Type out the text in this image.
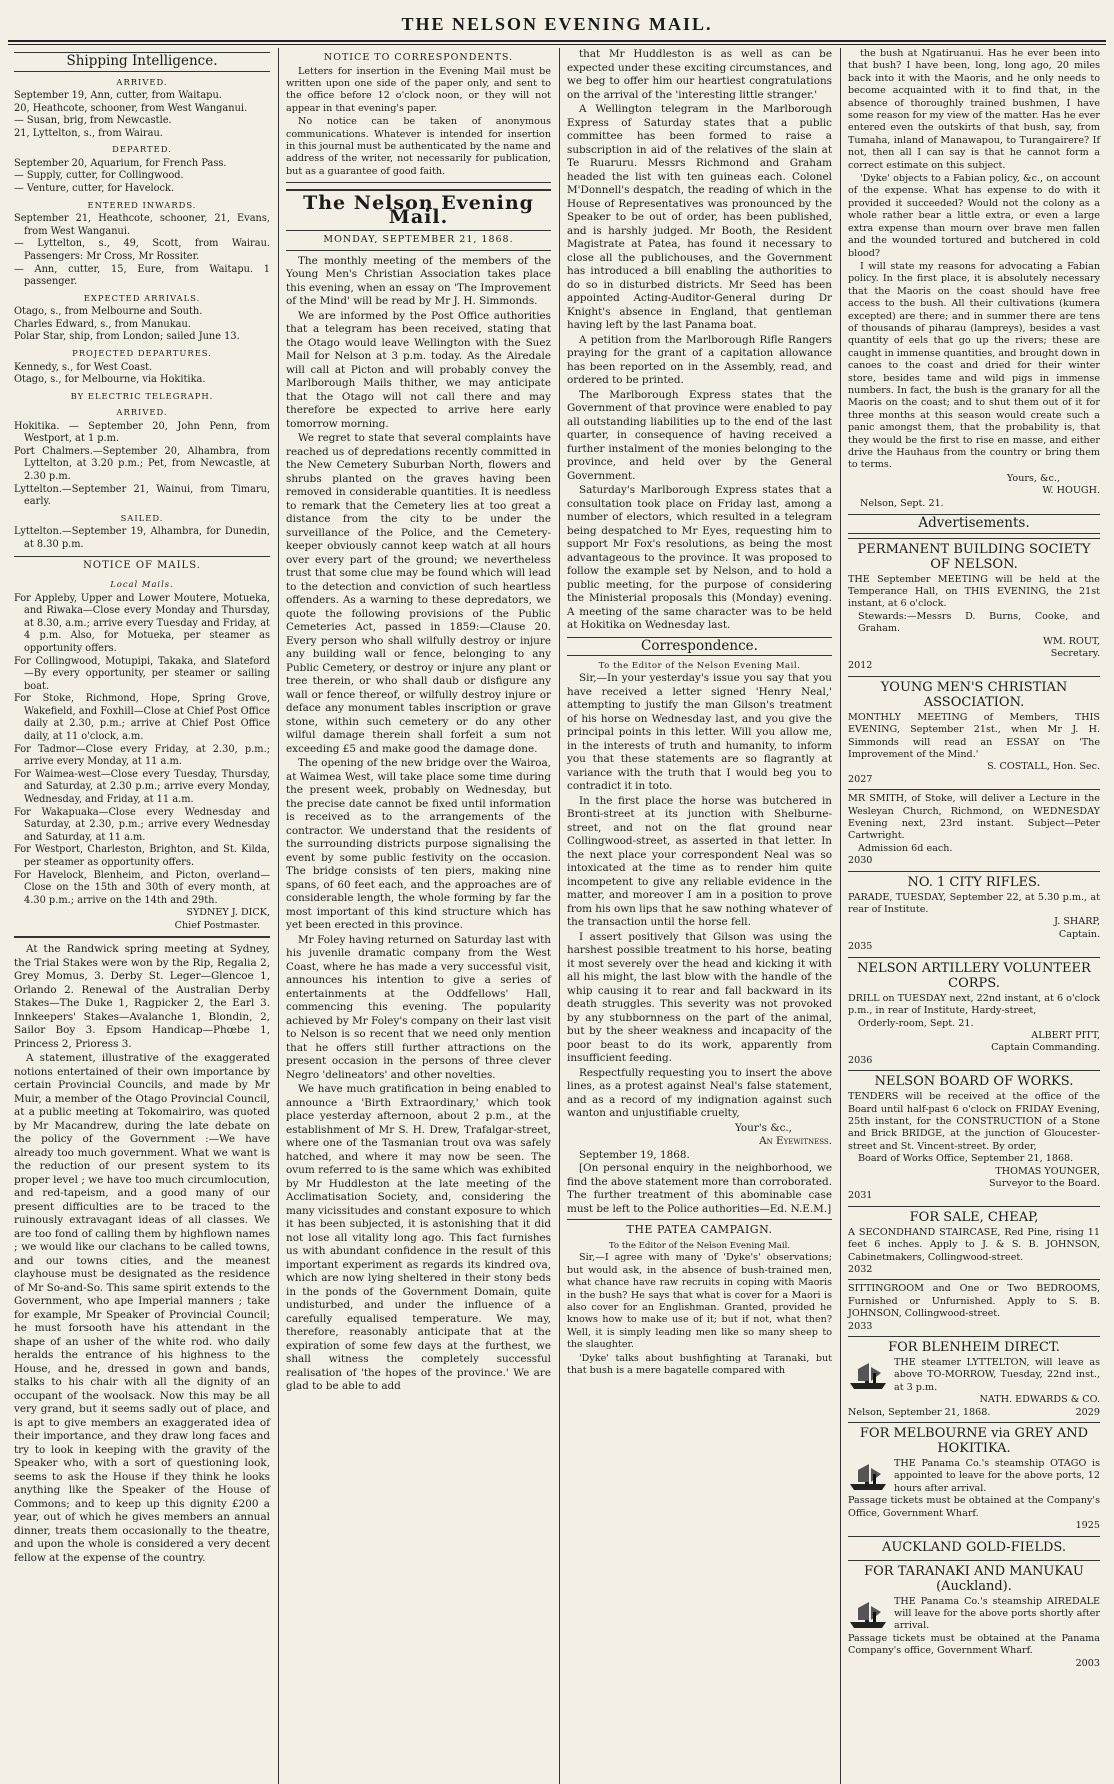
THE NELSON EVENING MAIL.
Shipping Intelligence.
ARRIVED.
September 19, Ann, cutter, from Waitapu.
20, Heathcote, schooner, from West Wanganui.
— Susan, brig, from Newcastle.
21, Lyttelton, s., from Wairau.
DEPARTED.
September 20, Aquarium, for French Pass.
— Supply, cutter, for Collingwood.
— Venture, cutter, for Havelock.
ENTERED INWARDS.
September 21, Heathcote, schooner, 21, Evans, from West Wanganui.
— Lyttelton, s., 49, Scott, from Wairau. Passengers: Mr Cross, Mr Rossiter.
— Ann, cutter, 15, Eure, from Waitapu. 1 passenger.
EXPECTED ARRIVALS.
Otago, s., from Melbourne and South.
Charles Edward, s., from Manukau.
Polar Star, ship, from London; sailed June 13.
PROJECTED DEPARTURES.
Kennedy, s., for West Coast.
Otago, s., for Melbourne, via Hokitika.
BY ELECTRIC TELEGRAPH.
ARRIVED.
Hokitika. — September 20, John Penn, from Westport, at 1 p.m.
Port Chalmers.—September 20, Alhambra, from Lyttelton, at 3.20 p.m.; Pet, from Newcastle, at 2.30 p.m.
Lyttelton.—September 21, Wainui, from Timaru, early.
SAILED.
Lyttelton.—September 19, Alhambra, for Dunedin, at 8.30 p.m.
NOTICE OF MAILS.
Local Mails.
For Appleby, Upper and Lower Moutere, Motueka, and Riwaka—Close every Monday and Thursday, at 8.30, a.m.; arrive every Tuesday and Friday, at 4 p.m. Also, for Motueka, per steamer as opportunity offers.
For Collingwood, Motupipi, Takaka, and Slateford—By every opportunity, per steamer or sailing boat.
For Stoke, Richmond, Hope, Spring Grove, Wakefield, and Foxhill—Close at Chief Post Office daily at 2.30, p.m.; arrive at Chief Post Office daily, at 11 o'clock, a.m.
For Tadmor—Close every Friday, at 2.30, p.m.; arrive every Monday, at 11 a.m.
For Waimea-west—Close every Tuesday, Thursday, and Saturday, at 2.30 p.m.; arrive every Monday, Wednesday, and Friday, at 11 a.m.
For Wakapuaka—Close every Wednesday and Saturday, at 2.30, p.m.; arrive every Wednesday and Saturday, at 11 a.m.
For Westport, Charleston, Brighton, and St. Kilda, per steamer as opportunity offers.
For Havelock, Blenheim, and Picton, overland—Close on the 15th and 30th of every month, at 4.30 p.m.; arrive on the 14th and 29th.
SYDNEY J. DICK,
Chief Postmaster.

At the Randwick spring meeting at Sydney, the Trial Stakes were won by the Rip, Regalia 2, Grey Momus, 3. Derby St. Leger—Glencoe 1, Orlando 2. Renewal of the Australian Derby Stakes—The Duke 1, Ragpicker 2, the Earl 3. Innkeepers' Stakes—Avalanche 1, Blondin, 2, Sailor Boy 3. Epsom Handicap—Phœbe 1, Princess 2, Prioress 3.

A statement, illustrative of the exaggerated notions entertained of their own importance by certain Provincial Councils, and made by Mr Muir, a member of the Otago Provincial Council, at a public meeting at Tokomairiro, was quoted by Mr Macandrew, during the late debate on the policy of the Government :—We have already too much government. What we want is the reduction of our present system to its proper level ; we have too much circumlocution, and red-tapeism, and a good many of our present difficulties are to be traced to the ruinously extravagant ideas of all classes. We are too fond of calling them by highflown names ; we would like our clachans to be called towns, and our towns cities, and the meanest clayhouse must be designated as the residence of Mr So-and-So. This same spirit extends to the Government, who ape Imperial manners ; take for example, Mr Speaker of Provincial Council; he must forsooth have his attendant in the shape of an usher of the white rod. who daily heralds the entrance of his highness to the House, and he, dressed in gown and bands, stalks to his chair with all the dignity of an occupant of the woolsack. Now this may be all very grand, but it seems sadly out of place, and is apt to give members an exaggerated idea of their importance, and they draw long faces and try to look in keeping with the gravity of the Speaker who, with a sort of questioning look, seems to ask the House if they think he looks anything like the Speaker of the House of Commons; and to keep up this dignity £200 a year, out of which he gives members an annual dinner, treats them occasionally to the theatre, and upon the whole is considered a very decent fellow at the expense of the country.

NOTICE TO CORRESPONDENTS.

Letters for insertion in the Evening Mail must be written upon one side of the paper only, and sent to the office before 12 o'clock noon, or they will not appear in that evening's paper.

No notice can be taken of anonymous communications. Whatever is intended for insertion in this journal must be authenticated by the name and address of the writer, not necessarily for publication, but as a guarantee of good faith.

The Nelson Evening Mail.
MONDAY, SEPTEMBER 21, 1868.

The monthly meeting of the members of the Young Men's Christian Association takes place this evening, when an essay on 'The Improvement of the Mind' will be read by Mr J. H. Simmonds.

We are informed by the Post Office authorities that a telegram has been received, stating that the Otago would leave Wellington with the Suez Mail for Nelson at 3 p.m. today. As the Airedale will call at Picton and will probably convey the Marlborough Mails thither, we may anticipate that the Otago will not call there and may therefore be expected to arrive here early tomorrow morning.

We regret to state that several complaints have reached us of depredations recently committed in the New Cemetery Suburban North, flowers and shrubs planted on the graves having been removed in considerable quantities. It is needless to remark that the Cemetery lies at too great a distance from the city to be under the surveillance of the Police, and the Cemetery-keeper obviously cannot keep watch at all hours over every part of the ground; we nevertheless trust that some clue may be found which will lead to the detection and conviction of such heartless offenders. As a warning to these depredators, we quote the following provisions of the Public Cemeteries Act, passed in 1859:—Clause 20. Every person who shall wilfully destroy or injure any building wall or fence, belonging to any Public Cemetery, or destroy or injure any plant or tree therein, or who shall daub or disfigure any wall or fence thereof, or wilfully destroy injure or deface any monument tables inscription or grave stone, within such cemetery or do any other wilful damage therein shall forfeit a sum not exceeding £5 and make good the damage done.

The opening of the new bridge over the Wairoa, at Waimea West, will take place some time during the present week, probably on Wednesday, but the precise date cannot be fixed until information is received as to the arrangements of the contractor. We understand that the residents of the surrounding districts purpose signalising the event by some public festivity on the occasion. The bridge consists of ten piers, making nine spans, of 60 feet each, and the approaches are of considerable length, the whole forming by far the most important of this kind structure which has yet been erected in this province.

Mr Foley having returned on Saturday last with his juvenile dramatic company from the West Coast, where he has made a very successful visit, announces his intention to give a series of entertainments at the Oddfellows' Hall, commencing this evening. The popularity achieved by Mr Foley's company on their last visit to Nelson is so recent that we need only mention that he offers still further attractions on the present occasion in the persons of three clever Negro 'delineators' and other novelties.

We have much gratification in being enabled to announce a 'Birth Extraordinary,' which took place yesterday afternoon, about 2 p.m., at the establishment of Mr S. H. Drew, Trafalgar-street, where one of the Tasmanian trout ova was safely hatched, and where it may now be seen. The ovum referred to is the same which was exhibited by Mr Huddleston at the late meeting of the Acclimatisation Society, and, considering the many vicissitudes and constant exposure to which it has been subjected, it is astonishing that it did not lose all vitality long ago. This fact furnishes us with abundant confidence in the result of this important experiment as regards its kindred ova, which are now lying sheltered in their stony beds in the ponds of the Government Domain, quite undisturbed, and under the influence of a carefully equalised temperature. We may, therefore, reasonably anticipate that at the expiration of some few days at the furthest, we shall witness the completely successful realisation of 'the hopes of the province.' We are glad to be able to add

that Mr Huddleston is as well as can be expected under these exciting circumstances, and we beg to offer him our heartiest congratulations on the arrival of the 'interesting little stranger.'

A Wellington telegram in the Marlborough Express of Saturday states that a public committee has been formed to raise a subscription in aid of the relatives of the slain at Te Ruaruru. Messrs Richmond and Graham headed the list with ten guineas each. Colonel M'Donnell's despatch, the reading of which in the House of Representatives was pronounced by the Speaker to be out of order, has been published, and is harshly judged. Mr Booth, the Resident Magistrate at Patea, has found it necessary to close all the publichouses, and the Government has introduced a bill enabling the authorities to do so in disturbed districts. Mr Seed has been appointed Acting-Auditor-General during Dr Knight's absence in England, that gentleman having left by the last Panama boat.

A petition from the Marlborough Rifle Rangers praying for the grant of a capitation allowance has been reported on in the Assembly, read, and ordered to be printed.

The Marlborough Express states that the Government of that province were enabled to pay all outstanding liabilities up to the end of the last quarter, in consequence of having received a further instalment of the monies belonging to the province, and held over by the General Government.

Saturday's Marlborough Express states that a consultation took place on Friday last, among a number of electors, which resulted in a telegram being despatched to Mr Eyes, requesting him to support Mr Fox's resolutions, as being the most advantageous to the province. It was proposed to follow the example set by Nelson, and to hold a public meeting, for the purpose of considering the Ministerial proposals this (Monday) evening. A meeting of the same character was to be held at Hokitika on Wednesday last.

Correspondence.
To the Editor of the Nelson Evening Mail.

Sir,—In your yesterday's issue you say that you have received a letter signed 'Henry Neal,' attempting to justify the man Gilson's treatment of his horse on Wednesday last, and you give the principal points in this letter. Will you allow me, in the interests of truth and humanity, to inform you that these statements are so flagrantly at variance with the truth that I would beg you to contradict it in toto.

In the first place the horse was butchered in Bronti-street at its junction with Shelburne-street, and not on the flat ground near Collingwood-street, as asserted in that letter. In the next place your correspondent Neal was so intoxicated at the time as to render him quite incompetent to give any reliable evidence in the matter, and moreover I am in a position to prove from his own lips that he saw nothing whatever of the transaction until the horse fell.

I assert positively that Gilson was using the harshest possible treatment to his horse, beating it most severely over the head and kicking it with all his might, the last blow with the handle of the whip causing it to rear and fall backward in its death struggles. This severity was not provoked by any stubbornness on the part of the animal, but by the sheer weakness and incapacity of the poor beast to do its work, apparently from insufficient feeding.

Respectfully requesting you to insert the above lines, as a protest against Neal's false statement, and as a record of my indignation against such wanton and unjustifiable cruelty,

Your's &c.,
An Eyewitness.
September 19, 1868.

[On personal enquiry in the neighborhood, we find the above statement more than corroborated. The further treatment of this abominable case must be left to the Police authorities—Ed. N.E.M.]

THE PATEA CAMPAIGN.
To the Editor of the Nelson Evening Mail.

Sir,—I agree with many of 'Dyke's' observations; but would ask, in the absence of bush-trained men, what chance have raw recruits in coping with Maoris in the bush? He says that what is cover for a Maori is also cover for an Englishman. Granted, provided he knows how to make use of it; but if not, what then? Well, it is simply leading men like so many sheep to the slaughter.

'Dyke' talks about bushfighting at Taranaki, but that bush is a mere bagatelle compared with

the bush at Ngatiruanui. Has he ever been into that bush? I have been, long, long ago, 20 miles back into it with the Maoris, and he only needs to become acquainted with it to find that, in the absence of thoroughly trained bushmen, I have some reason for my view of the matter. Has he ever entered even the outskirts of that bush, say, from Tumaha, inland of Manawapou, to Turangairere? If not, then all I can say is that he cannot form a correct estimate on this subject.

'Dyke' objects to a Fabian policy, &c., on account of the expense. What has expense to do with it provided it succeeded? Would not the colony as a whole rather bear a little extra, or even a large extra expense than mourn over brave men fallen and the wounded tortured and butchered in cold blood?

I will state my reasons for advocating a Fabian policy. In the first place, it is absolutely necessary that the Maoris on the coast should have free access to the bush. All their cultivations (kumera excepted) are there; and in summer there are tens of thousands of piharau (lampreys), besides a vast quantity of eels that go up the rivers; these are caught in immense quantities, and brought down in canoes to the coast and dried for their winter store, besides tame and wild pigs in immense numbers. In fact, the bush is the granary for all the Maoris on the coast; and to shut them out of it for three months at this season would create such a panic amongst them, that the probability is, that they would be the first to rise en masse, and either drive the Hauhaus from the country or bring them to terms.

Yours, &c.,
W. HOUGH.
Nelson, Sept. 21.
Advertisements.
PERMANENT BUILDING SOCIETY OF NELSON.
THE September MEETING will be held at the Temperance Hall, on THIS EVENING, the 21st instant, at 6 o'clock.
Stewards:—Messrs D. Burns, Cooke, and Graham.
WM. ROUT,
Secretary.
2012
YOUNG MEN'S CHRISTIAN ASSOCIATION.
MONTHLY MEETING of Members, THIS EVENING, September 21st., when Mr J. H. Simmonds will read an ESSAY on 'The Improvement of the Mind.'
S. COSTALL, Hon. Sec.
2027
MR SMITH, of Stoke, will deliver a Lecture in the Wesleyan Church, Richmond, on WEDNESDAY Evening next, 23rd instant. Subject—Peter Cartwright.
Admission 6d each.
2030
NO. 1 CITY RIFLES.
PARADE, TUESDAY, September 22, at 5.30 p.m., at rear of Institute.
J. SHARP,
Captain.
2035
NELSON ARTILLERY VOLUNTEER CORPS.
DRILL on TUESDAY next, 22nd instant, at 6 o'clock p.m., in rear of Institute, Hardy-street,
Orderly-room, Sept. 21.
ALBERT PITT,
Captain Commanding.
2036
NELSON BOARD OF WORKS.
TENDERS will be received at the office of the Board until half-past 6 o'clock on FRIDAY Evening, 25th instant, for the CONSTRUCTION of a Stone and Brick BRIDGE, at the junction of Gloucester-street and St. Vincent-street. By order,
Board of Works Office, September 21, 1868.
THOMAS YOUNGER,
Surveyor to the Board.
2031
FOR SALE, CHEAP,
A SECONDHAND STAIRCASE, Red Pine, rising 11 feet 6 inches. Apply to J. & S. B. JOHNSON, Cabinetmakers, Collingwood-street.
2032
SITTINGROOM and One or Two BEDROOMS, Furnished or Unfurnished. Apply to S. B. JOHNSON, Collingwood-street.
2033
FOR BLENHEIM DIRECT.
THE steamer LYTTELTON, will leave as above TO-MORROW, Tuesday, 22nd inst., at 3 p.m.
NATH. EDWARDS & CO.
Nelson, September 21, 1868.	2029
FOR MELBOURNE via GREY AND HOKITIKA.
THE Panama Co.'s steamship OTAGO is appointed to leave for the above ports, 12 hours after arrival.
Passage tickets must be obtained at the Company's Office, Government Wharf.
1925
AUCKLAND GOLD-FIELDS.
FOR TARANAKI AND MANUKAU (Auckland).
THE Panama Co.'s steamship AIREDALE will leave for the above ports shortly after arrival.
Passage tickets must be obtained at the Panama Company's office, Government Wharf.
2003
